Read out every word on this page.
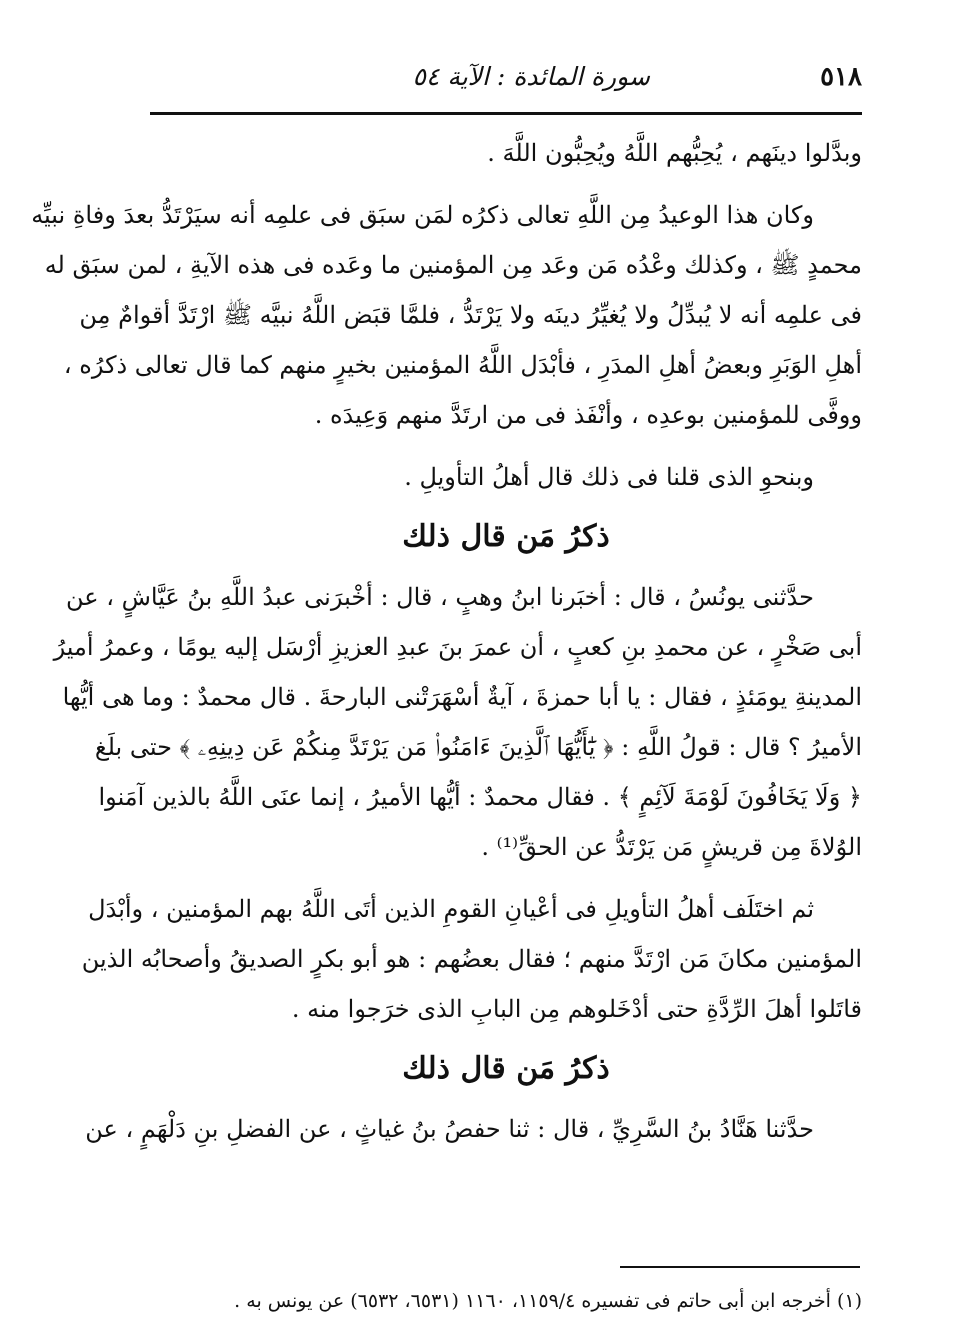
٥١٨
سورة المائدة : الآية ٥٤
وبدَّلوا دينَهم ، يُحِبُّهم اللَّهُ ويُحِبُّون اللَّهَ .
وكان هذا الوعيدُ مِن اللَّهِ تعالى ذكرُه لمَن سبَق فى علمِه أنه سيَرْتَدُّ بعدَ وفاةِ نبيِّه
محمدٍ ﷺ ، وكذلك وعْدُه مَن وعَد مِن المؤمنين ما وعَده فى هذه الآيةِ ، لمن سبَق له
فى علمِه أنه لا يُبدِّلُ ولا يُغيِّرُ دينَه ولا يَرْتَدُّ ، فلمَّا قبَض اللَّهُ نبيَّه ﷺ ارْتَدَّ أقوامٌ مِن
أهلِ الوَبَرِ وبعضُ أهلِ المدَرِ ، فأبْدَل اللَّهُ المؤمنين بخيرٍ منهم كما قال تعالى ذكرُه ،
ووفَّى للمؤمنين بوعدِه ، وأنْفَذ فى من ارتَدَّ منهم وَعِيدَه .
وبنحوِ الذى قلنا فى ذلك قال أهلُ التأويلِ .
ذكرُ مَن قال ذلك
حدَّثنى يونُسُ ، قال : أخبَرنا ابنُ وهبٍ ، قال : أخْبرَنى عبدُ اللَّهِ بنُ عَيَّاشٍ ، عن
أبى صَخْرٍ ، عن محمدِ بنِ كعبٍ ، أن عمرَ بنَ عبدِ العزيزِ أرْسَل إليه يومًا ، وعمرُ أميرُ
المدينةِ يومَئذٍ ، فقال : يا أبا حمزةَ ، آيةٌ أسْهَرَتْنى البارحةَ . قال محمدٌ : وما هى أيُّها
الأميرُ ؟ قال : قولُ اللَّهِ : ﴿ يَٰٓأَيُّهَا ٱلَّذِينَ ءَامَنُوا۟ مَن يَرْتَدَّ مِنكُمْ عَن دِينِهِۦ ﴾ حتى بلَغ
﴿ وَلَا يَخَافُونَ لَوْمَةَ لَآئِمٍ ﴾ . فقال محمدٌ : أيُّها الأميرُ ، إنما عنَى اللَّهُ بالذين آمَنوا
الوُلاةَ مِن قريشٍ مَن يَرْتَدُّ عن الحقِّ⁽¹⁾ .
ثم اختَلَف أهلُ التأويلِ فى أعْيانِ القومِ الذين أتَى اللَّهُ بهم المؤمنين ، وأبْدَل
المؤمنين مكانَ مَن ارْتَدَّ منهم ؛ فقال بعضُهم : هو أبو بكرٍ الصديقُ وأصحابُه الذين
قاتَلوا أهلَ الرِّدَّةِ حتى أدْخَلوهم مِن البابِ الذى خرَجوا منه .
ذكرُ مَن قال ذلك
حدَّثنا هَنَّادُ بنُ السَّرِيِّ ، قال : ثنا حفصُ بنُ غياثٍ ، عن الفضلِ بنِ دَلْهَمٍ ، عن
(١) أخرجه ابن أبى حاتم فى تفسيره ١١٥٩/٤، ١١٦٠ (٦٥٣١، ٦٥٣٢) عن يونس به .
